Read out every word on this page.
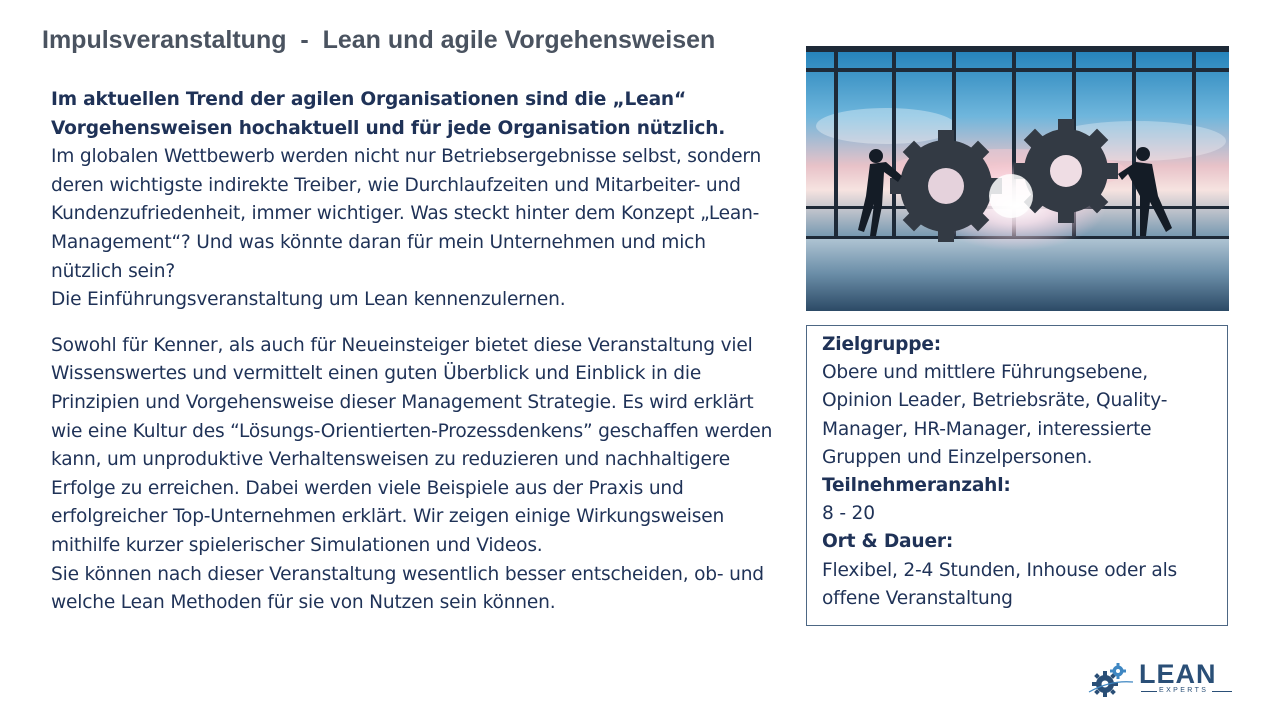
Impulsveranstaltung  -  Lean und agile Vorgehensweisen

Im aktuellen Trend der agilen Organisationen sind die „Lean“
Vorgehensweisen hochaktuell und für jede Organisation nützlich.

Im globalen Wettbewerb werden nicht nur Betriebsergebnisse selbst, sondern deren wichtigste indirekte Treiber, wie Durchlaufzeiten und Mitarbeiter- und Kundenzufriedenheit, immer wichtiger. Was steckt hinter dem Konzept „Lean-Management“? Und was könnte daran für mein Unternehmen und mich nützlich sein?

Die Einführungsveranstaltung um Lean kennenzulernen.

Sowohl für Kenner, als auch für Neueinsteiger bietet diese Veranstaltung viel Wissenswertes und vermittelt einen guten Überblick und Einblick in die Prinzipien und Vorgehensweise dieser Management Strategie. Es wird erklärt wie eine Kultur des “Lösungs-Orientierten-Prozessdenkens” geschaffen werden kann, um unproduktive Verhaltensweisen zu reduzieren und nachhaltigere Erfolge zu erreichen. Dabei werden viele Beispiele aus der Praxis und erfolgreicher Top-Unternehmen erklärt. Wir zeigen einige Wirkungsweisen mithilfe kurzer spielerischer Simulationen und Videos.

Sie können nach dieser Veranstaltung wesentlich besser entscheiden, ob- und welche Lean Methoden für sie von Nutzen sein können.

Zielgruppe:

Obere und mittlere Führungsebene, Opinion Leader, Betriebsräte, Quality-Manager, HR-Manager, interessierte Gruppen und Einzelpersonen.

Teilnehmeranzahl:

8 - 20

Ort & Dauer:

Flexibel, 2-4 Stunden, Inhouse oder als offene Veranstaltung

LEAN
EXPERTS
